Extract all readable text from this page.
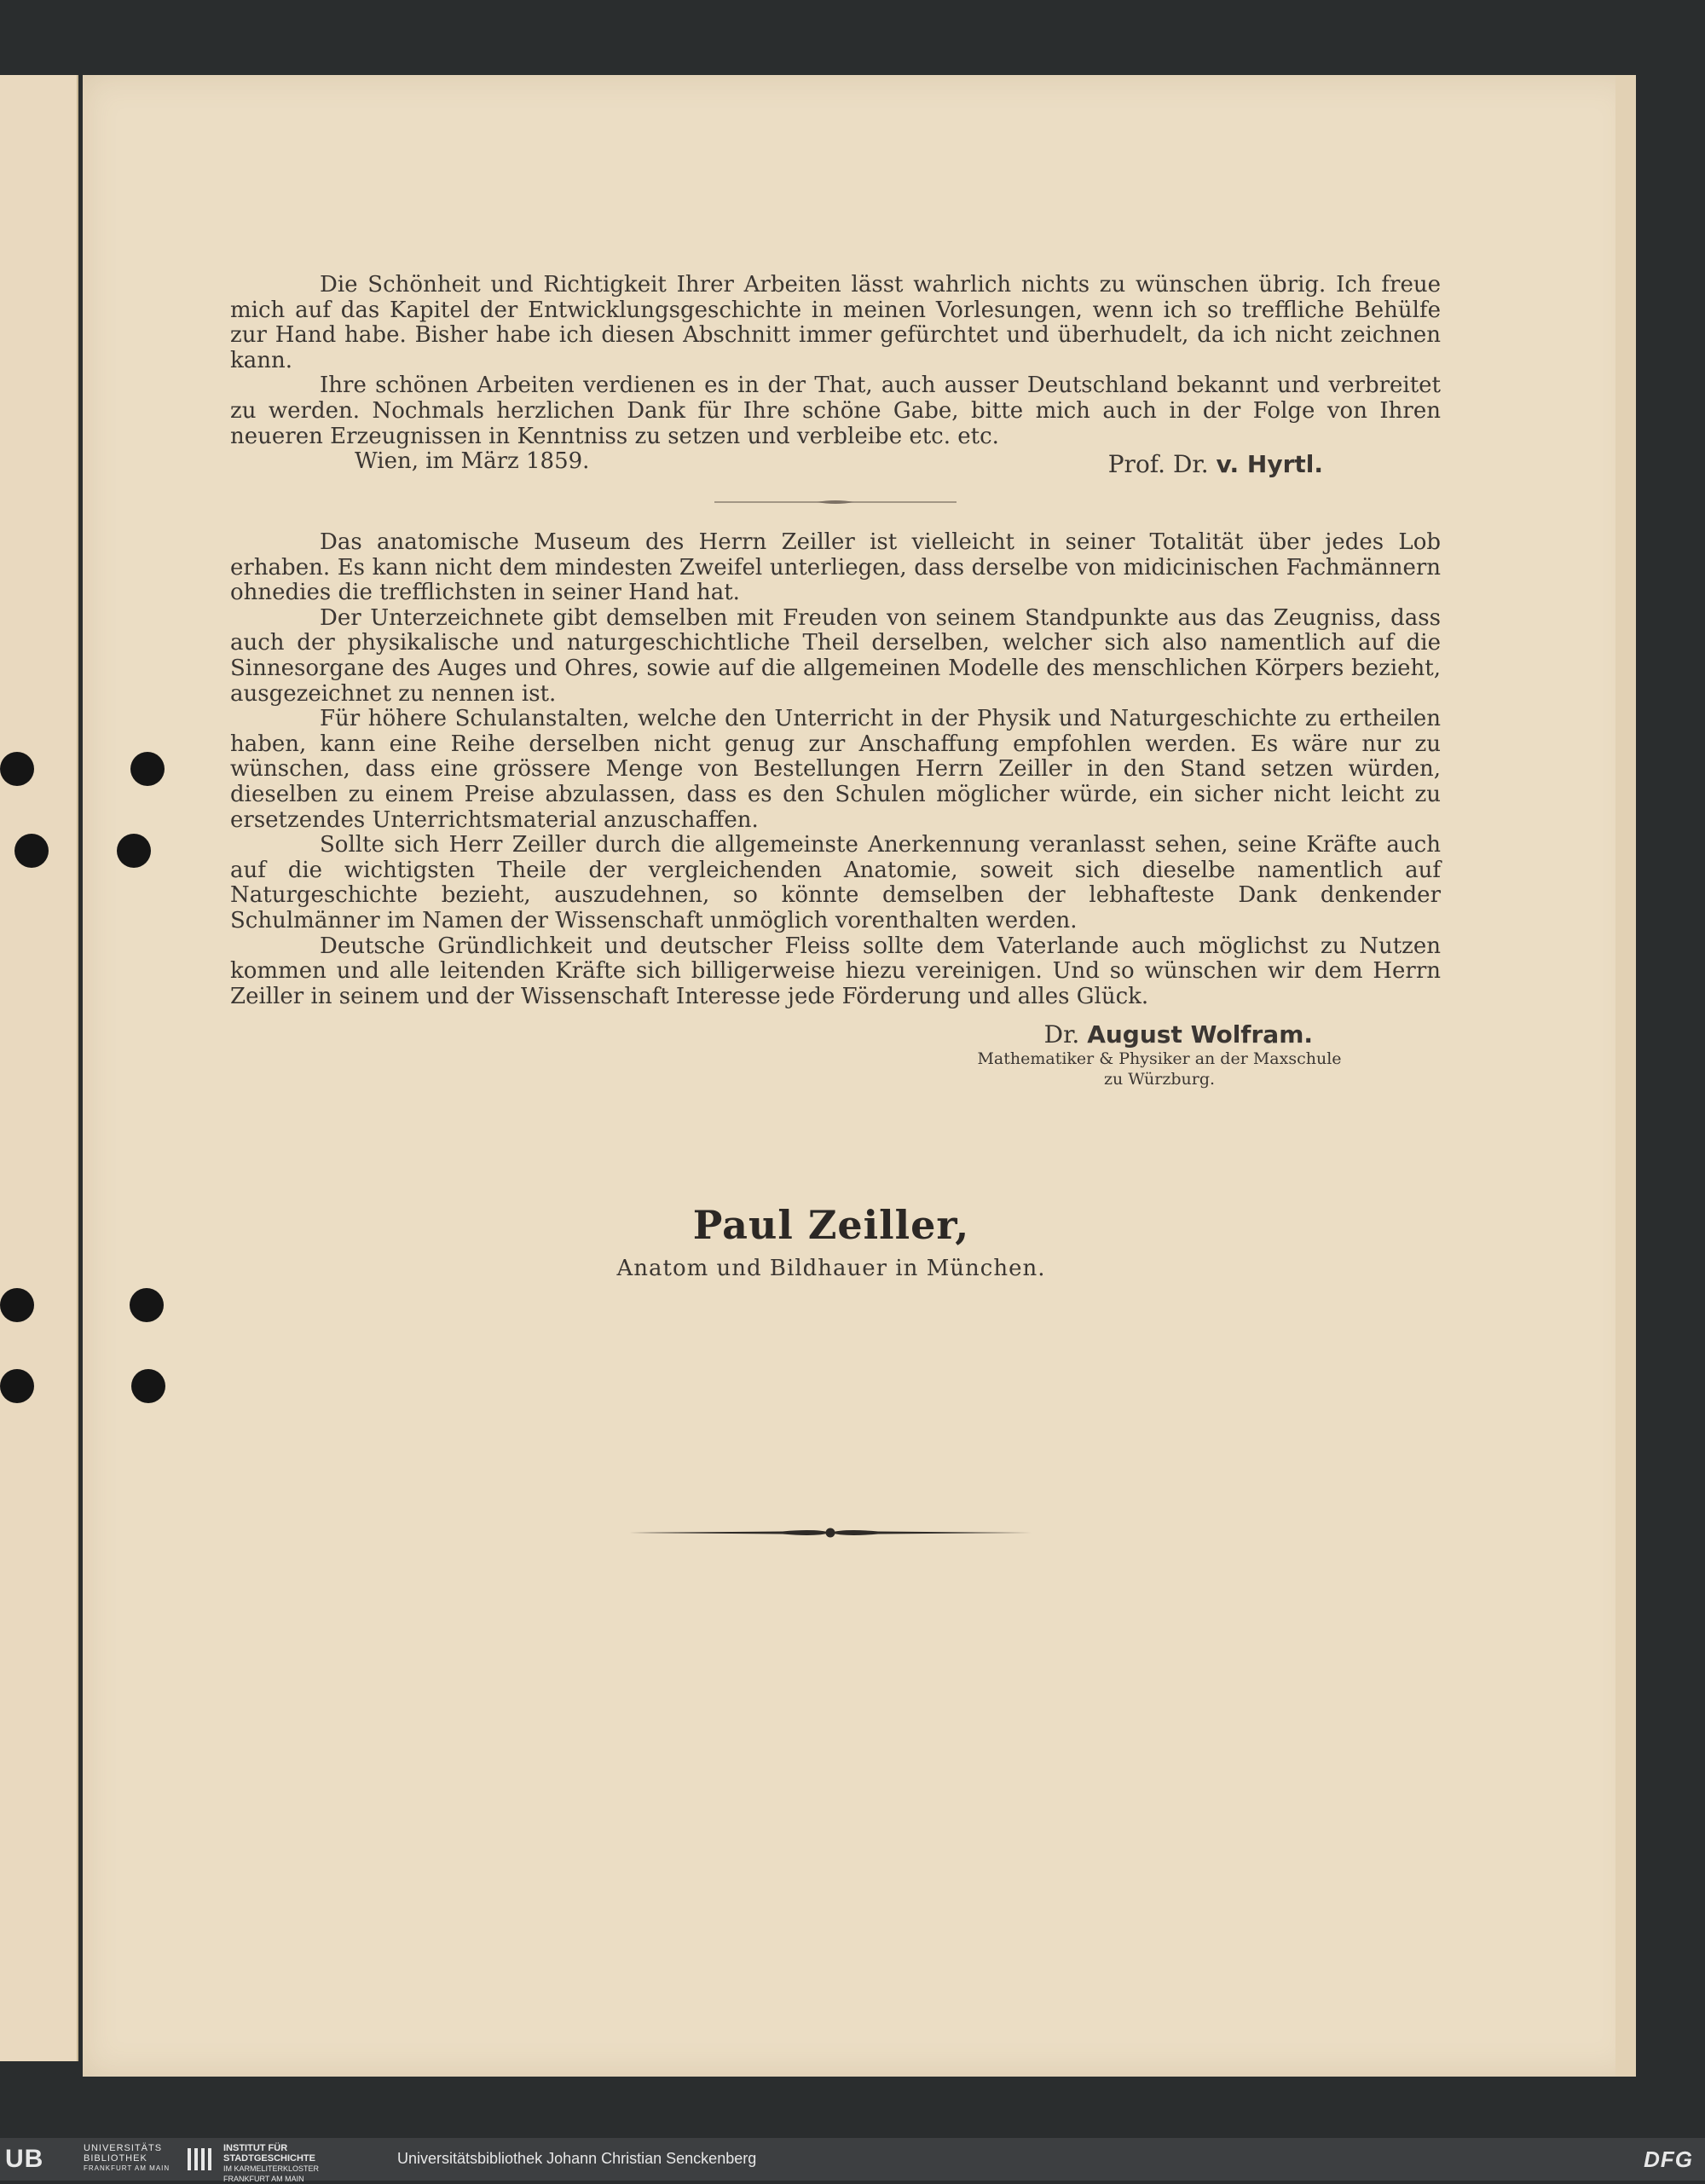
Die Schönheit und Richtigkeit Ihrer Arbeiten lässt wahrlich nichts zu wünschen übrig. Ich freue mich auf das Kapitel der Entwicklungsgeschichte in meinen Vorlesungen, wenn ich so treffliche Behülfe zur Hand habe. Bisher habe ich diesen Abschnitt immer gefürchtet und überhudelt, da ich nicht zeichnen kann.

Ihre schönen Arbeiten verdienen es in der That, auch ausser Deutschland bekannt und verbreitet zu werden. Nochmals herzlichen Dank für Ihre schöne Gabe, bitte mich auch in der Folge von Ihren neueren Erzeugnissen in Kenntniss zu setzen und verbleibe etc. etc.

Wien, im März 1859.	Prof. Dr. v. Hyrtl.

Das anatomische Museum des Herrn Zeiller ist vielleicht in seiner Totalität über jedes Lob erhaben. Es kann nicht dem mindesten Zweifel unterliegen, dass derselbe von midicinischen Fachmännern ohnedies die trefflichsten in seiner Hand hat.

Der Unterzeichnete gibt demselben mit Freuden von seinem Standpunkte aus das Zeugniss, dass auch der physikalische und naturgeschichtliche Theil derselben, welcher sich also namentlich auf die Sinnesorgane des Auges und Ohres, sowie auf die allgemeinen Modelle des menschlichen Körpers bezieht, ausgezeichnet zu nennen ist.

Für höhere Schulanstalten, welche den Unterricht in der Physik und Naturgeschichte zu ertheilen haben, kann eine Reihe derselben nicht genug zur Anschaffung empfohlen werden. Es wäre nur zu wünschen, dass eine grössere Menge von Bestellungen Herrn Zeiller in den Stand setzen würden, dieselben zu einem Preise abzulassen, dass es den Schulen möglicher würde, ein sicher nicht leicht zu ersetzendes Unterrichtsmaterial anzuschaffen.

Sollte sich Herr Zeiller durch die allgemeinste Anerkennung veranlasst sehen, seine Kräfte auch auf die wichtigsten Theile der vergleichenden Anatomie, soweit sich dieselbe namentlich auf Naturgeschichte bezieht, auszudehnen, so könnte demselben der lebhafteste Dank denkender Schulmänner im Namen der Wissenschaft unmöglich vorenthalten werden.

Deutsche Gründlichkeit und deutscher Fleiss sollte dem Vaterlande auch möglichst zu Nutzen kommen und alle leitenden Kräfte sich billigerweise hiezu vereinigen. Und so wünschen wir dem Herrn Zeiller in seinem und der Wissenschaft Interesse jede Förderung und alles Glück.

Dr. August Wolfram.
Mathematiker & Physiker an der Maxschule
zu Würzburg.
Paul Zeiller,
Anatom und Bildhauer in München.
UB	UNIVERSITÄTS
BIBLIOTHEK
FRANKFURT AM MAIN
INSTITUT FÜR
STADTGESCHICHTE
IM KARMELITERKLOSTER
FRANKFURT AM MAIN
Universitätsbibliothek Johann Christian Senckenberg	DFG
